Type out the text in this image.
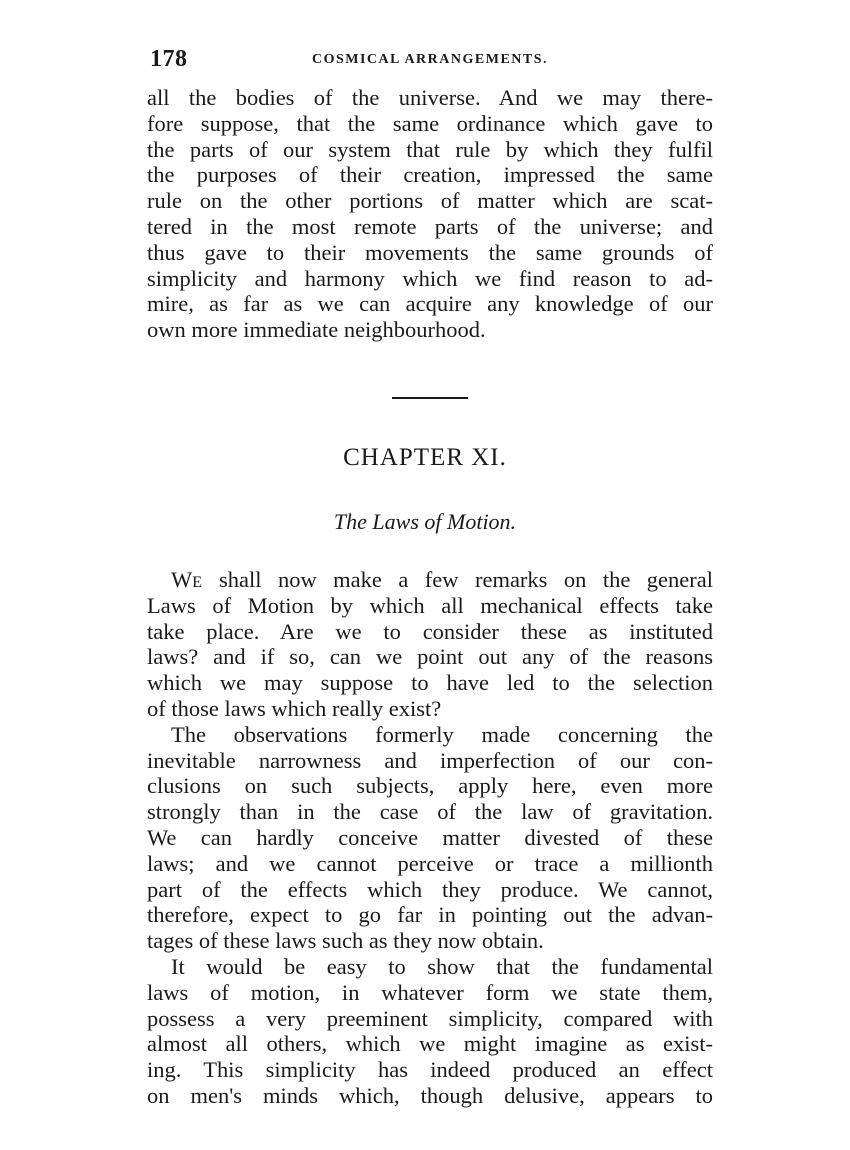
178	COSMICAL ARRANGEMENTS.
all the bodies of the universe. And we may there-
fore suppose, that the same ordinance which gave to
the parts of our system that rule by which they fulfil
the purposes of their creation, impressed the same
rule on the other portions of matter which are scat-
tered in the most remote parts of the universe; and
thus gave to their movements the same grounds of
simplicity and harmony which we find reason to ad-
mire, as far as we can acquire any knowledge of our
own more immediate neighbourhood.
CHAPTER XI.
The Laws of Motion.
WE shall now make a few remarks on the general
Laws of Motion by which all mechanical effects take
take place. Are we to consider these as instituted
laws? and if so, can we point out any of the reasons
which we may suppose to have led to the selection
of those laws which really exist?
The observations formerly made concerning the
inevitable narrowness and imperfection of our con-
clusions on such subjects, apply here, even more
strongly than in the case of the law of gravitation.
We can hardly conceive matter divested of these
laws; and we cannot perceive or trace a millionth
part of the effects which they produce. We cannot,
therefore, expect to go far in pointing out the advan-
tages of these laws such as they now obtain.
It would be easy to show that the fundamental
laws of motion, in whatever form we state them,
possess a very preeminent simplicity, compared with
almost all others, which we might imagine as exist-
ing. This simplicity has indeed produced an effect
on men's minds which, though delusive, appears to
